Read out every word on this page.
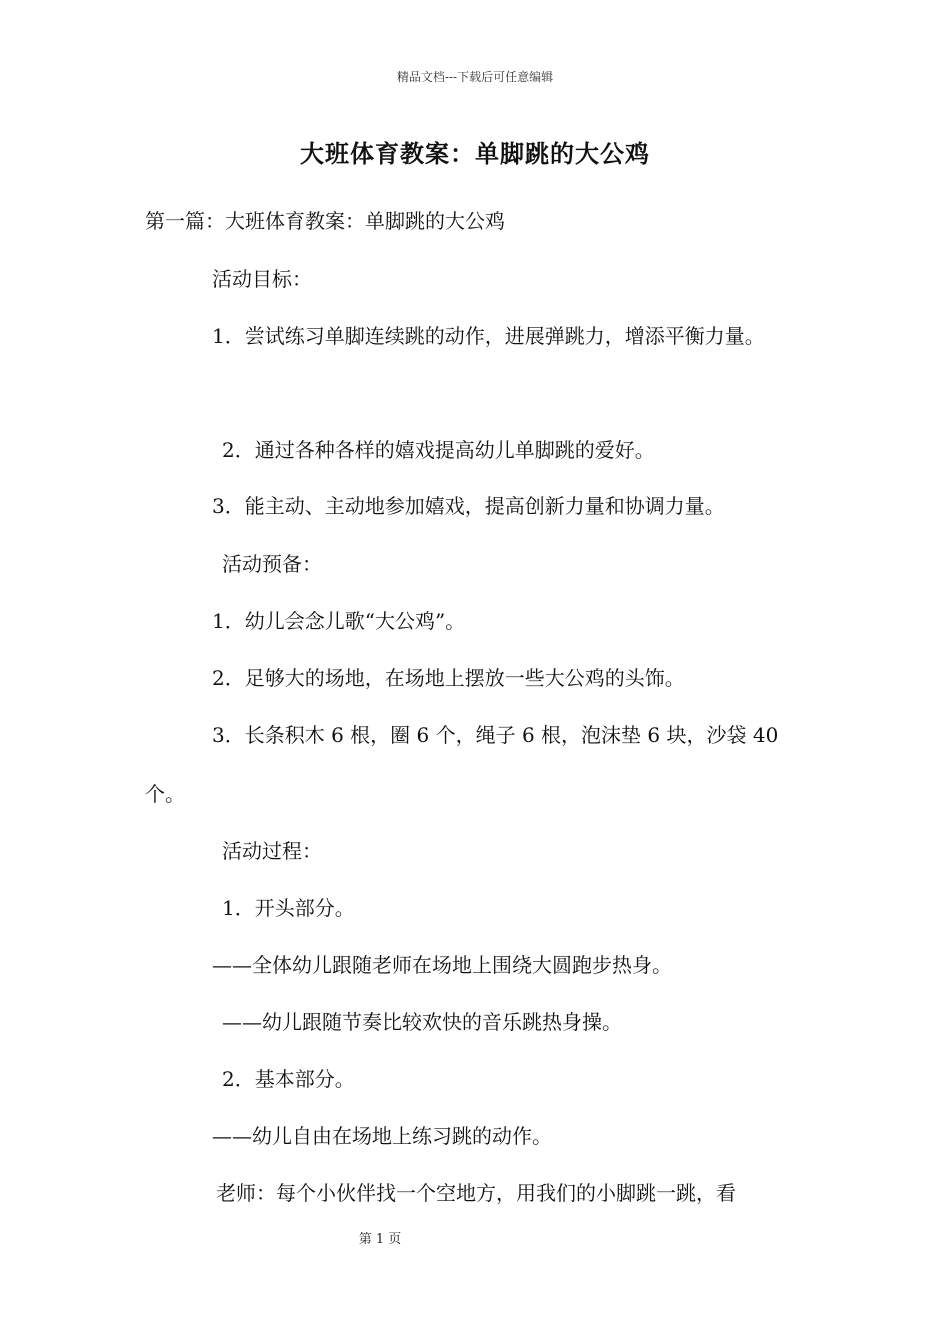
精品文档---下载后可任意编辑
大班体育教案：单脚跳的大公鸡
第一篇：大班体育教案：单脚跳的大公鸡
活动目标：
1．尝试练习单脚连续跳的动作，进展弹跳力，增添平衡力量。
2．通过各种各样的嬉戏提高幼儿单脚跳的爱好。
3．能主动、主动地参加嬉戏，提高创新力量和协调力量。
活动预备：
1．幼儿会念儿歌“大公鸡”。
2．足够大的场地，在场地上摆放一些大公鸡的头饰。
3．长条积木 6 根，圈 6 个，绳子 6 根，泡沫垫 6 块，沙袋 40
个。
活动过程：
1．开头部分。
——全体幼儿跟随老师在场地上围绕大圆跑步热身。
——幼儿跟随节奏比较欢快的音乐跳热身操。
2．基本部分。
——幼儿自由在场地上练习跳的动作。
老师：每个小伙伴找一个空地方，用我们的小脚跳一跳，看
第 1 页
